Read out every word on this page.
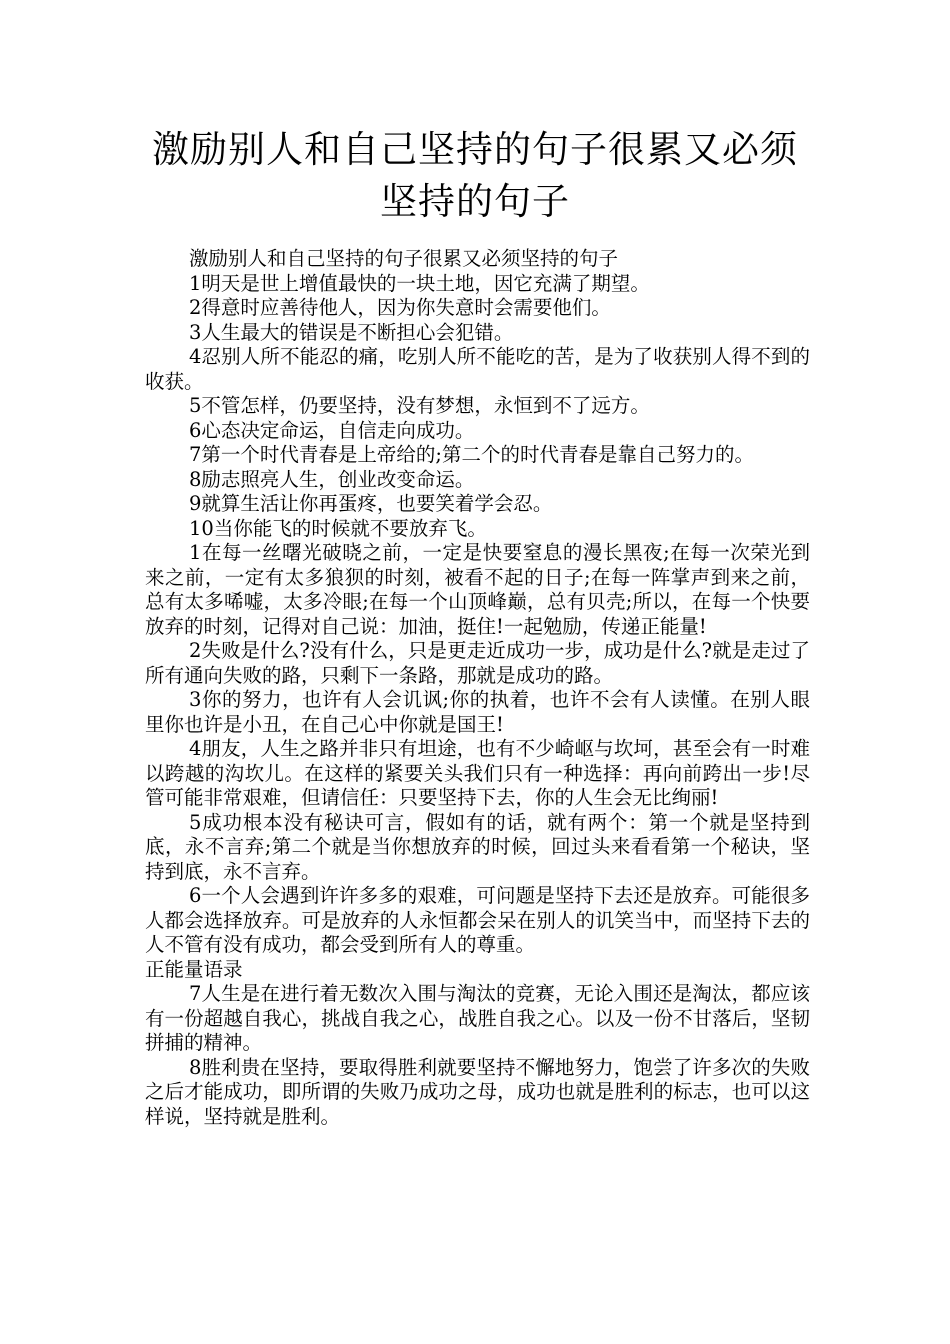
激励别人和自己坚持的句子很累又必须
坚持的句子

激励别人和自己坚持的句子很累又必须坚持的句子

1明天是世上增值最快的一块土地，因它充满了期望。

2得意时应善待他人，因为你失意时会需要他们。

3人生最大的错误是不断担心会犯错。

4忍别人所不能忍的痛，吃别人所不能吃的苦，是为了收获别人得不到的收获。

5不管怎样，仍要坚持，没有梦想，永恒到不了远方。

6心态决定命运，自信走向成功。

7第一个时代青春是上帝给的;第二个的时代青春是靠自己努力的。

8励志照亮人生，创业改变命运。

9就算生活让你再蛋疼，也要笑着学会忍。

10当你能飞的时候就不要放弃飞。

1在每一丝曙光破晓之前，一定是快要窒息的漫长黑夜;在每一次荣光到来之前，一定有太多狼狈的时刻，被看不起的日子;在每一阵掌声到来之前，总有太多唏嘘，太多冷眼;在每一个山顶峰巅，总有贝壳;所以，在每一个快要放弃的时刻，记得对自己说：加油，挺住!一起勉励，传递正能量!

2失败是什么?没有什么，只是更走近成功一步，成功是什么?就是走过了所有通向失败的路，只剩下一条路，那就是成功的路。

3你的努力，也许有人会讥讽;你的执着，也许不会有人读懂。在别人眼里你也许是小丑，在自己心中你就是国王!

4朋友，人生之路并非只有坦途，也有不少崎岖与坎坷，甚至会有一时难以跨越的沟坎儿。在这样的紧要关头我们只有一种选择：再向前跨出一步!尽管可能非常艰难，但请信任：只要坚持下去，你的人生会无比绚丽!

5成功根本没有秘诀可言，假如有的话，就有两个：第一个就是坚持到底，永不言弃;第二个就是当你想放弃的时候，回过头来看看第一个秘诀，坚持到底，永不言弃。

6一个人会遇到许许多多的艰难，可问题是坚持下去还是放弃。可能很多人都会选择放弃。可是放弃的人永恒都会呆在别人的讥笑当中，而坚持下去的人不管有没有成功，都会受到所有人的尊重。

正能量语录

7人生是在进行着无数次入围与淘汰的竞赛，无论入围还是淘汰，都应该有一份超越自我心，挑战自我之心，战胜自我之心。以及一份不甘落后，坚韧拼捕的精神。

8胜利贵在坚持，要取得胜利就要坚持不懈地努力，饱尝了许多次的失败之后才能成功，即所谓的失败乃成功之母，成功也就是胜利的标志，也可以这样说，坚持就是胜利。
